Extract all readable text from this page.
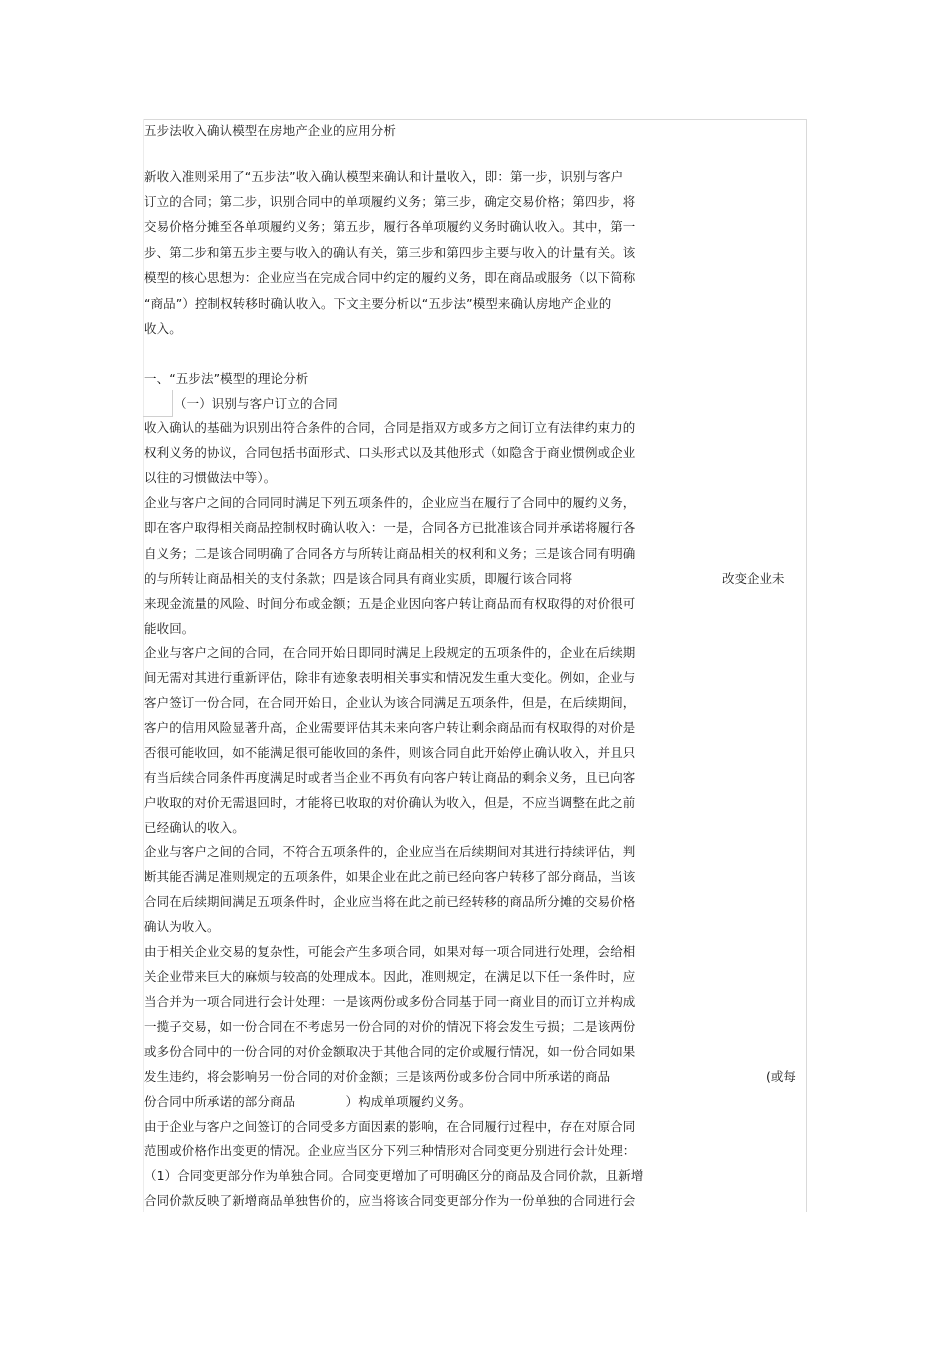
五步法收入确认模型在房地产企业的应用分析
新收入准则采用了“五步法”收入确认模型来确认和计量收入，即：第一步，识别与客户
订立的合同；第二步，识别合同中的单项履约义务；第三步，确定交易价格；第四步，将
交易价格分摊至各单项履约义务；第五步，履行各单项履约义务时确认收入。其中，第一
步、第二步和第五步主要与收入的确认有关，第三步和第四步主要与收入的计量有关。该
模型的核心思想为：企业应当在完成合同中约定的履约义务，即在商品或服务（以下简称
“商品”）控制权转移时确认收入。下文主要分析以“五步法”模型来确认房地产企业的
收入。
一、“五步法”模型的理论分析
（一）识别与客户订立的合同
收入确认的基础为识别出符合条件的合同，合同是指双方或多方之间订立有法律约束力的
权利义务的协议，合同包括书面形式、口头形式以及其他形式（如隐含于商业惯例或企业
以往的习惯做法中等）。
企业与客户之间的合同同时满足下列五项条件的，企业应当在履行了合同中的履约义务，
即在客户取得相关商品控制权时确认收入：一是，合同各方已批准该合同并承诺将履行各
自义务；二是该合同明确了合同各方与所转让商品相关的权利和义务；三是该合同有明确
的与所转让商品相关的支付条款；四是该合同具有商业实质，即履行该合同将	改变企业未
来现金流量的风险、时间分布或金额；五是企业因向客户转让商品而有权取得的对价很可
能收回。
企业与客户之间的合同，在合同开始日即同时满足上段规定的五项条件的，企业在后续期
间无需对其进行重新评估，除非有迹象表明相关事实和情况发生重大变化。例如，企业与
客户签订一份合同，在合同开始日，企业认为该合同满足五项条件，但是，在后续期间，
客户的信用风险显著升高，企业需要评估其未来向客户转让剩余商品而有权取得的对价是
否很可能收回，如不能满足很可能收回的条件，则该合同自此开始停止确认收入，并且只
有当后续合同条件再度满足时或者当企业不再负有向客户转让商品的剩余义务，且已向客
户收取的对价无需退回时，才能将已收取的对价确认为收入，但是，不应当调整在此之前
已经确认的收入。
企业与客户之间的合同，不符合五项条件的，企业应当在后续期间对其进行持续评估，判
断其能否满足准则规定的五项条件，如果企业在此之前已经向客户转移了部分商品，当该
合同在后续期间满足五项条件时，企业应当将在此之前已经转移的商品所分摊的交易价格
确认为收入。
由于相关企业交易的复杂性，可能会产生多项合同，如果对每一项合同进行处理，会给相
关企业带来巨大的麻烦与较高的处理成本。因此，准则规定，在满足以下任一条件时，应
当合并为一项合同进行会计处理：一是该两份或多份合同基于同一商业目的而订立并构成
一揽子交易，如一份合同在不考虑另一份合同的对价的情况下将会发生亏损；二是该两份
或多份合同中的一份合同的对价金额取决于其他合同的定价或履行情况，如一份合同如果
发生违约，将会影响另一份合同的对价金额；三是该两份或多份合同中所承诺的商品	(或每
份合同中所承诺的部分商品　　　　）构成单项履约义务。
由于企业与客户之间签订的合同受多方面因素的影响，在合同履行过程中，存在对原合同
范围或价格作出变更的情况。企业应当区分下列三种情形对合同变更分别进行会计处理：
（1）合同变更部分作为单独合同。合同变更增加了可明确区分的商品及合同价款，且新增
合同价款反映了新增商品单独售价的，应当将该合同变更部分作为一份单独的合同进行会
